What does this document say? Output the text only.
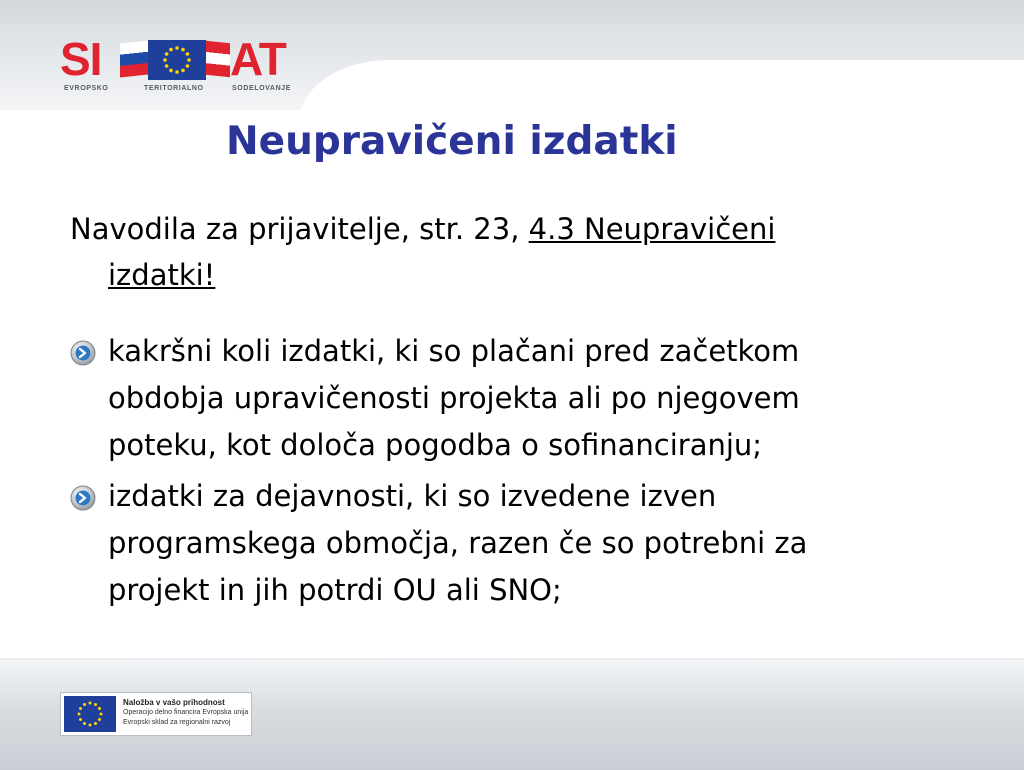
SI	AT
EVROPSKO	TERITORIALNO	SODELOVANJE
Neupravičeni izdatki
Navodila za prijavitelje, str. 23, 4.3 Neupravičeni
izdatki!
kakršni koli izdatki, ki so plačani pred začetkom
obdobja upravičenosti projekta ali po njegovem
poteku, kot določa pogodba o sofinanciranju;
izdatki za dejavnosti, ki so izvedene izven
programskega območja, razen če so potrebni za
projekt in jih potrdi OU ali SNO;
Naložba v vašo prihodnost
Operacijo delno financira Evropska unija
Evropski sklad za regionalni razvoj
